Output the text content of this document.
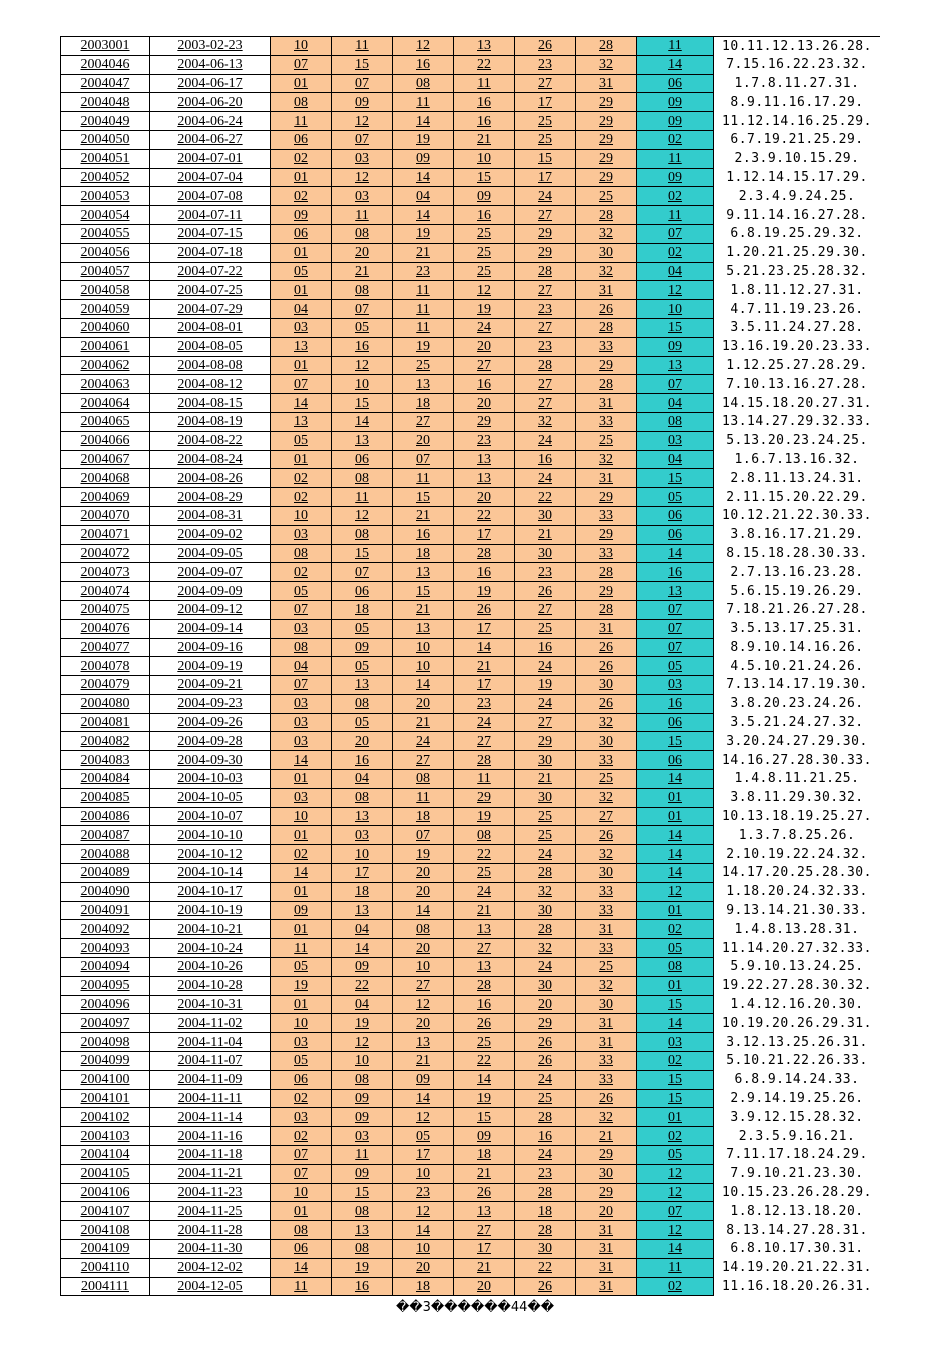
2003001	2003-02-23	10	11	12	13	26	28	11	10.11.12.13.26.28.
2004046	2004-06-13	07	15	16	22	23	32	14	7.15.16.22.23.32.
2004047	2004-06-17	01	07	08	11	27	31	06	1.7.8.11.27.31.
2004048	2004-06-20	08	09	11	16	17	29	09	8.9.11.16.17.29.
2004049	2004-06-24	11	12	14	16	25	29	09	11.12.14.16.25.29.
2004050	2004-06-27	06	07	19	21	25	29	02	6.7.19.21.25.29.
2004051	2004-07-01	02	03	09	10	15	29	11	2.3.9.10.15.29.
2004052	2004-07-04	01	12	14	15	17	29	09	1.12.14.15.17.29.
2004053	2004-07-08	02	03	04	09	24	25	02	2.3.4.9.24.25.
2004054	2004-07-11	09	11	14	16	27	28	11	9.11.14.16.27.28.
2004055	2004-07-15	06	08	19	25	29	32	07	6.8.19.25.29.32.
2004056	2004-07-18	01	20	21	25	29	30	02	1.20.21.25.29.30.
2004057	2004-07-22	05	21	23	25	28	32	04	5.21.23.25.28.32.
2004058	2004-07-25	01	08	11	12	27	31	12	1.8.11.12.27.31.
2004059	2004-07-29	04	07	11	19	23	26	10	4.7.11.19.23.26.
2004060	2004-08-01	03	05	11	24	27	28	15	3.5.11.24.27.28.
2004061	2004-08-05	13	16	19	20	23	33	09	13.16.19.20.23.33.
2004062	2004-08-08	01	12	25	27	28	29	13	1.12.25.27.28.29.
2004063	2004-08-12	07	10	13	16	27	28	07	7.10.13.16.27.28.
2004064	2004-08-15	14	15	18	20	27	31	04	14.15.18.20.27.31.
2004065	2004-08-19	13	14	27	29	32	33	08	13.14.27.29.32.33.
2004066	2004-08-22	05	13	20	23	24	25	03	5.13.20.23.24.25.
2004067	2004-08-24	01	06	07	13	16	32	04	1.6.7.13.16.32.
2004068	2004-08-26	02	08	11	13	24	31	15	2.8.11.13.24.31.
2004069	2004-08-29	02	11	15	20	22	29	05	2.11.15.20.22.29.
2004070	2004-08-31	10	12	21	22	30	33	06	10.12.21.22.30.33.
2004071	2004-09-02	03	08	16	17	21	29	06	3.8.16.17.21.29.
2004072	2004-09-05	08	15	18	28	30	33	14	8.15.18.28.30.33.
2004073	2004-09-07	02	07	13	16	23	28	16	2.7.13.16.23.28.
2004074	2004-09-09	05	06	15	19	26	29	13	5.6.15.19.26.29.
2004075	2004-09-12	07	18	21	26	27	28	07	7.18.21.26.27.28.
2004076	2004-09-14	03	05	13	17	25	31	07	3.5.13.17.25.31.
2004077	2004-09-16	08	09	10	14	16	26	07	8.9.10.14.16.26.
2004078	2004-09-19	04	05	10	21	24	26	05	4.5.10.21.24.26.
2004079	2004-09-21	07	13	14	17	19	30	03	7.13.14.17.19.30.
2004080	2004-09-23	03	08	20	23	24	26	16	3.8.20.23.24.26.
2004081	2004-09-26	03	05	21	24	27	32	06	3.5.21.24.27.32.
2004082	2004-09-28	03	20	24	27	29	30	15	3.20.24.27.29.30.
2004083	2004-09-30	14	16	27	28	30	33	06	14.16.27.28.30.33.
2004084	2004-10-03	01	04	08	11	21	25	14	1.4.8.11.21.25.
2004085	2004-10-05	03	08	11	29	30	32	01	3.8.11.29.30.32.
2004086	2004-10-07	10	13	18	19	25	27	01	10.13.18.19.25.27.
2004087	2004-10-10	01	03	07	08	25	26	14	1.3.7.8.25.26.
2004088	2004-10-12	02	10	19	22	24	32	14	2.10.19.22.24.32.
2004089	2004-10-14	14	17	20	25	28	30	14	14.17.20.25.28.30.
2004090	2004-10-17	01	18	20	24	32	33	12	1.18.20.24.32.33.
2004091	2004-10-19	09	13	14	21	30	33	01	9.13.14.21.30.33.
2004092	2004-10-21	01	04	08	13	28	31	02	1.4.8.13.28.31.
2004093	2004-10-24	11	14	20	27	32	33	05	11.14.20.27.32.33.
2004094	2004-10-26	05	09	10	13	24	25	08	5.9.10.13.24.25.
2004095	2004-10-28	19	22	27	28	30	32	01	19.22.27.28.30.32.
2004096	2004-10-31	01	04	12	16	20	30	15	1.4.12.16.20.30.
2004097	2004-11-02	10	19	20	26	29	31	14	10.19.20.26.29.31.
2004098	2004-11-04	03	12	13	25	26	31	03	3.12.13.25.26.31.
2004099	2004-11-07	05	10	21	22	26	33	02	5.10.21.22.26.33.
2004100	2004-11-09	06	08	09	14	24	33	15	6.8.9.14.24.33.
2004101	2004-11-11	02	09	14	19	25	26	15	2.9.14.19.25.26.
2004102	2004-11-14	03	09	12	15	28	32	01	3.9.12.15.28.32.
2004103	2004-11-16	02	03	05	09	16	21	02	2.3.5.9.16.21.
2004104	2004-11-18	07	11	17	18	24	29	05	7.11.17.18.24.29.
2004105	2004-11-21	07	09	10	21	23	30	12	7.9.10.21.23.30.
2004106	2004-11-23	10	15	23	26	28	29	12	10.15.23.26.28.29.
2004107	2004-11-25	01	08	12	13	18	20	07	1.8.12.13.18.20.
2004108	2004-11-28	08	13	14	27	28	31	12	8.13.14.27.28.31.
2004109	2004-11-30	06	08	10	17	30	31	14	6.8.10.17.30.31.
2004110	2004-12-02	14	19	20	21	22	31	11	14.19.20.21.22.31.
2004111	2004-12-05	11	16	18	20	26	31	02	11.16.18.20.26.31.
��3������44��
